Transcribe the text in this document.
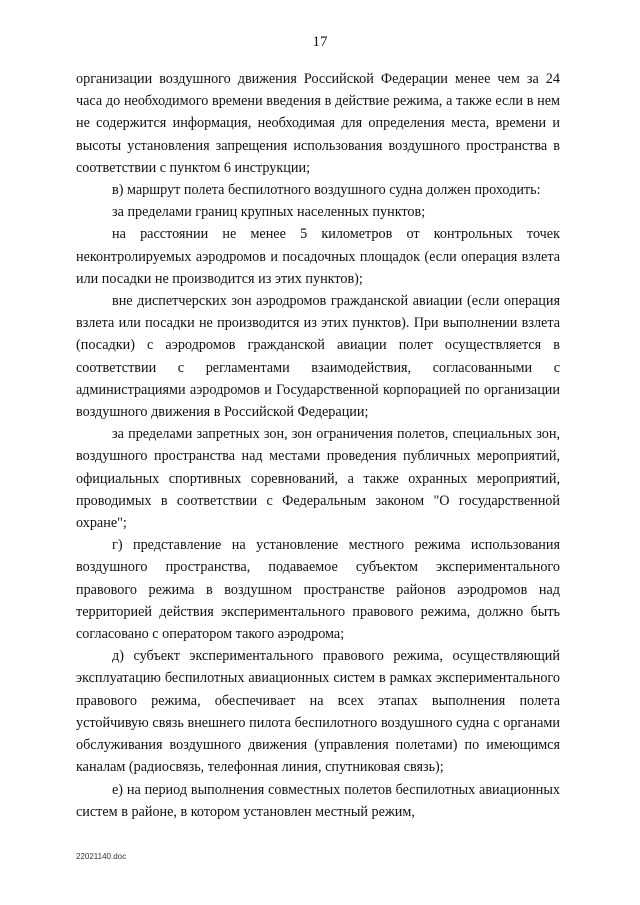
17

организации воздушного движения Российской Федерации менее чем за 24 часа до необходимого времени введения в действие режима, а также если в нем не содержится информация, необходимая для определения места, времени и высоты установления запрещения использования воздушного пространства в соответствии с пунктом 6 инструкции;

в) маршрут полета беспилотного воздушного судна должен проходить:

за пределами границ крупных населенных пунктов;

на расстоянии не менее 5 километров от контрольных точек неконтролируемых аэродромов и посадочных площадок (если операция взлета или посадки не производится из этих пунктов);

вне диспетчерских зон аэродромов гражданской авиации (если операция взлета или посадки не производится из этих пунктов). При выполнении взлета (посадки) с аэродромов гражданской авиации полет осуществляется в соответствии с регламентами взаимодействия, согласованными с администрациями аэродромов и Государственной корпорацией по организации воздушного движения в Российской Федерации;

за пределами запретных зон, зон ограничения полетов, специальных зон, воздушного пространства над местами проведения публичных мероприятий, официальных спортивных соревнований, а также охранных мероприятий, проводимых в соответствии с Федеральным законом "О государственной охране";

г) представление на установление местного режима использования воздушного пространства, подаваемое субъектом экспериментального правового режима в воздушном пространстве районов аэродромов над территорией действия экспериментального правового режима, должно быть согласовано с оператором такого аэродрома;

д) субъект экспериментального правового режима, осуществляющий эксплуатацию беспилотных авиационных систем в рамках экспериментального правового режима, обеспечивает на всех этапах выполнения полета устойчивую связь внешнего пилота беспилотного воздушного судна с органами обслуживания воздушного движения (управления полетами) по имеющимся каналам (радиосвязь, телефонная линия, спутниковая связь);

е) на период выполнения совместных полетов беспилотных авиационных систем в районе, в котором установлен местный режим,

22021140.doc
